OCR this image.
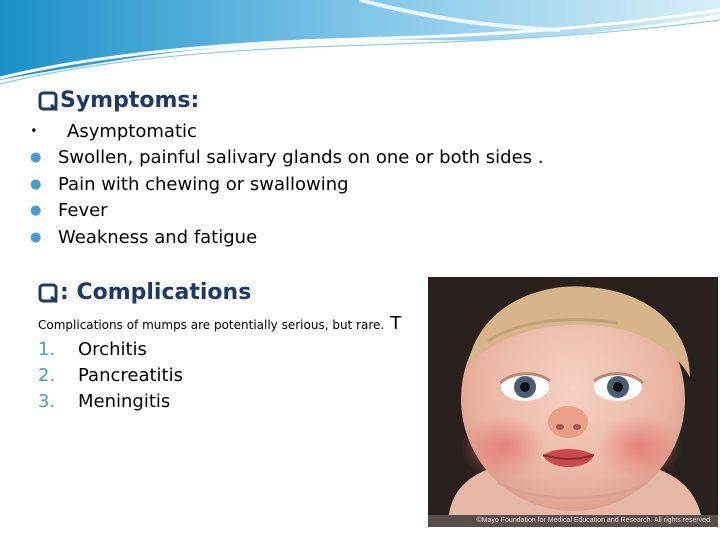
Symptoms:
•	Asymptomatic
● Swollen, painful salivary glands on one or both sides .
● Pain with chewing or swallowing
● Fever
● Weakness and fatigue
: Complications
Complications of mumps are potentially serious, but rare. T
1.	Orchitis
2.	Pancreatitis
3.	Meningitis
©Mayo Foundation for Medical Education and Research. All rights reserved.
